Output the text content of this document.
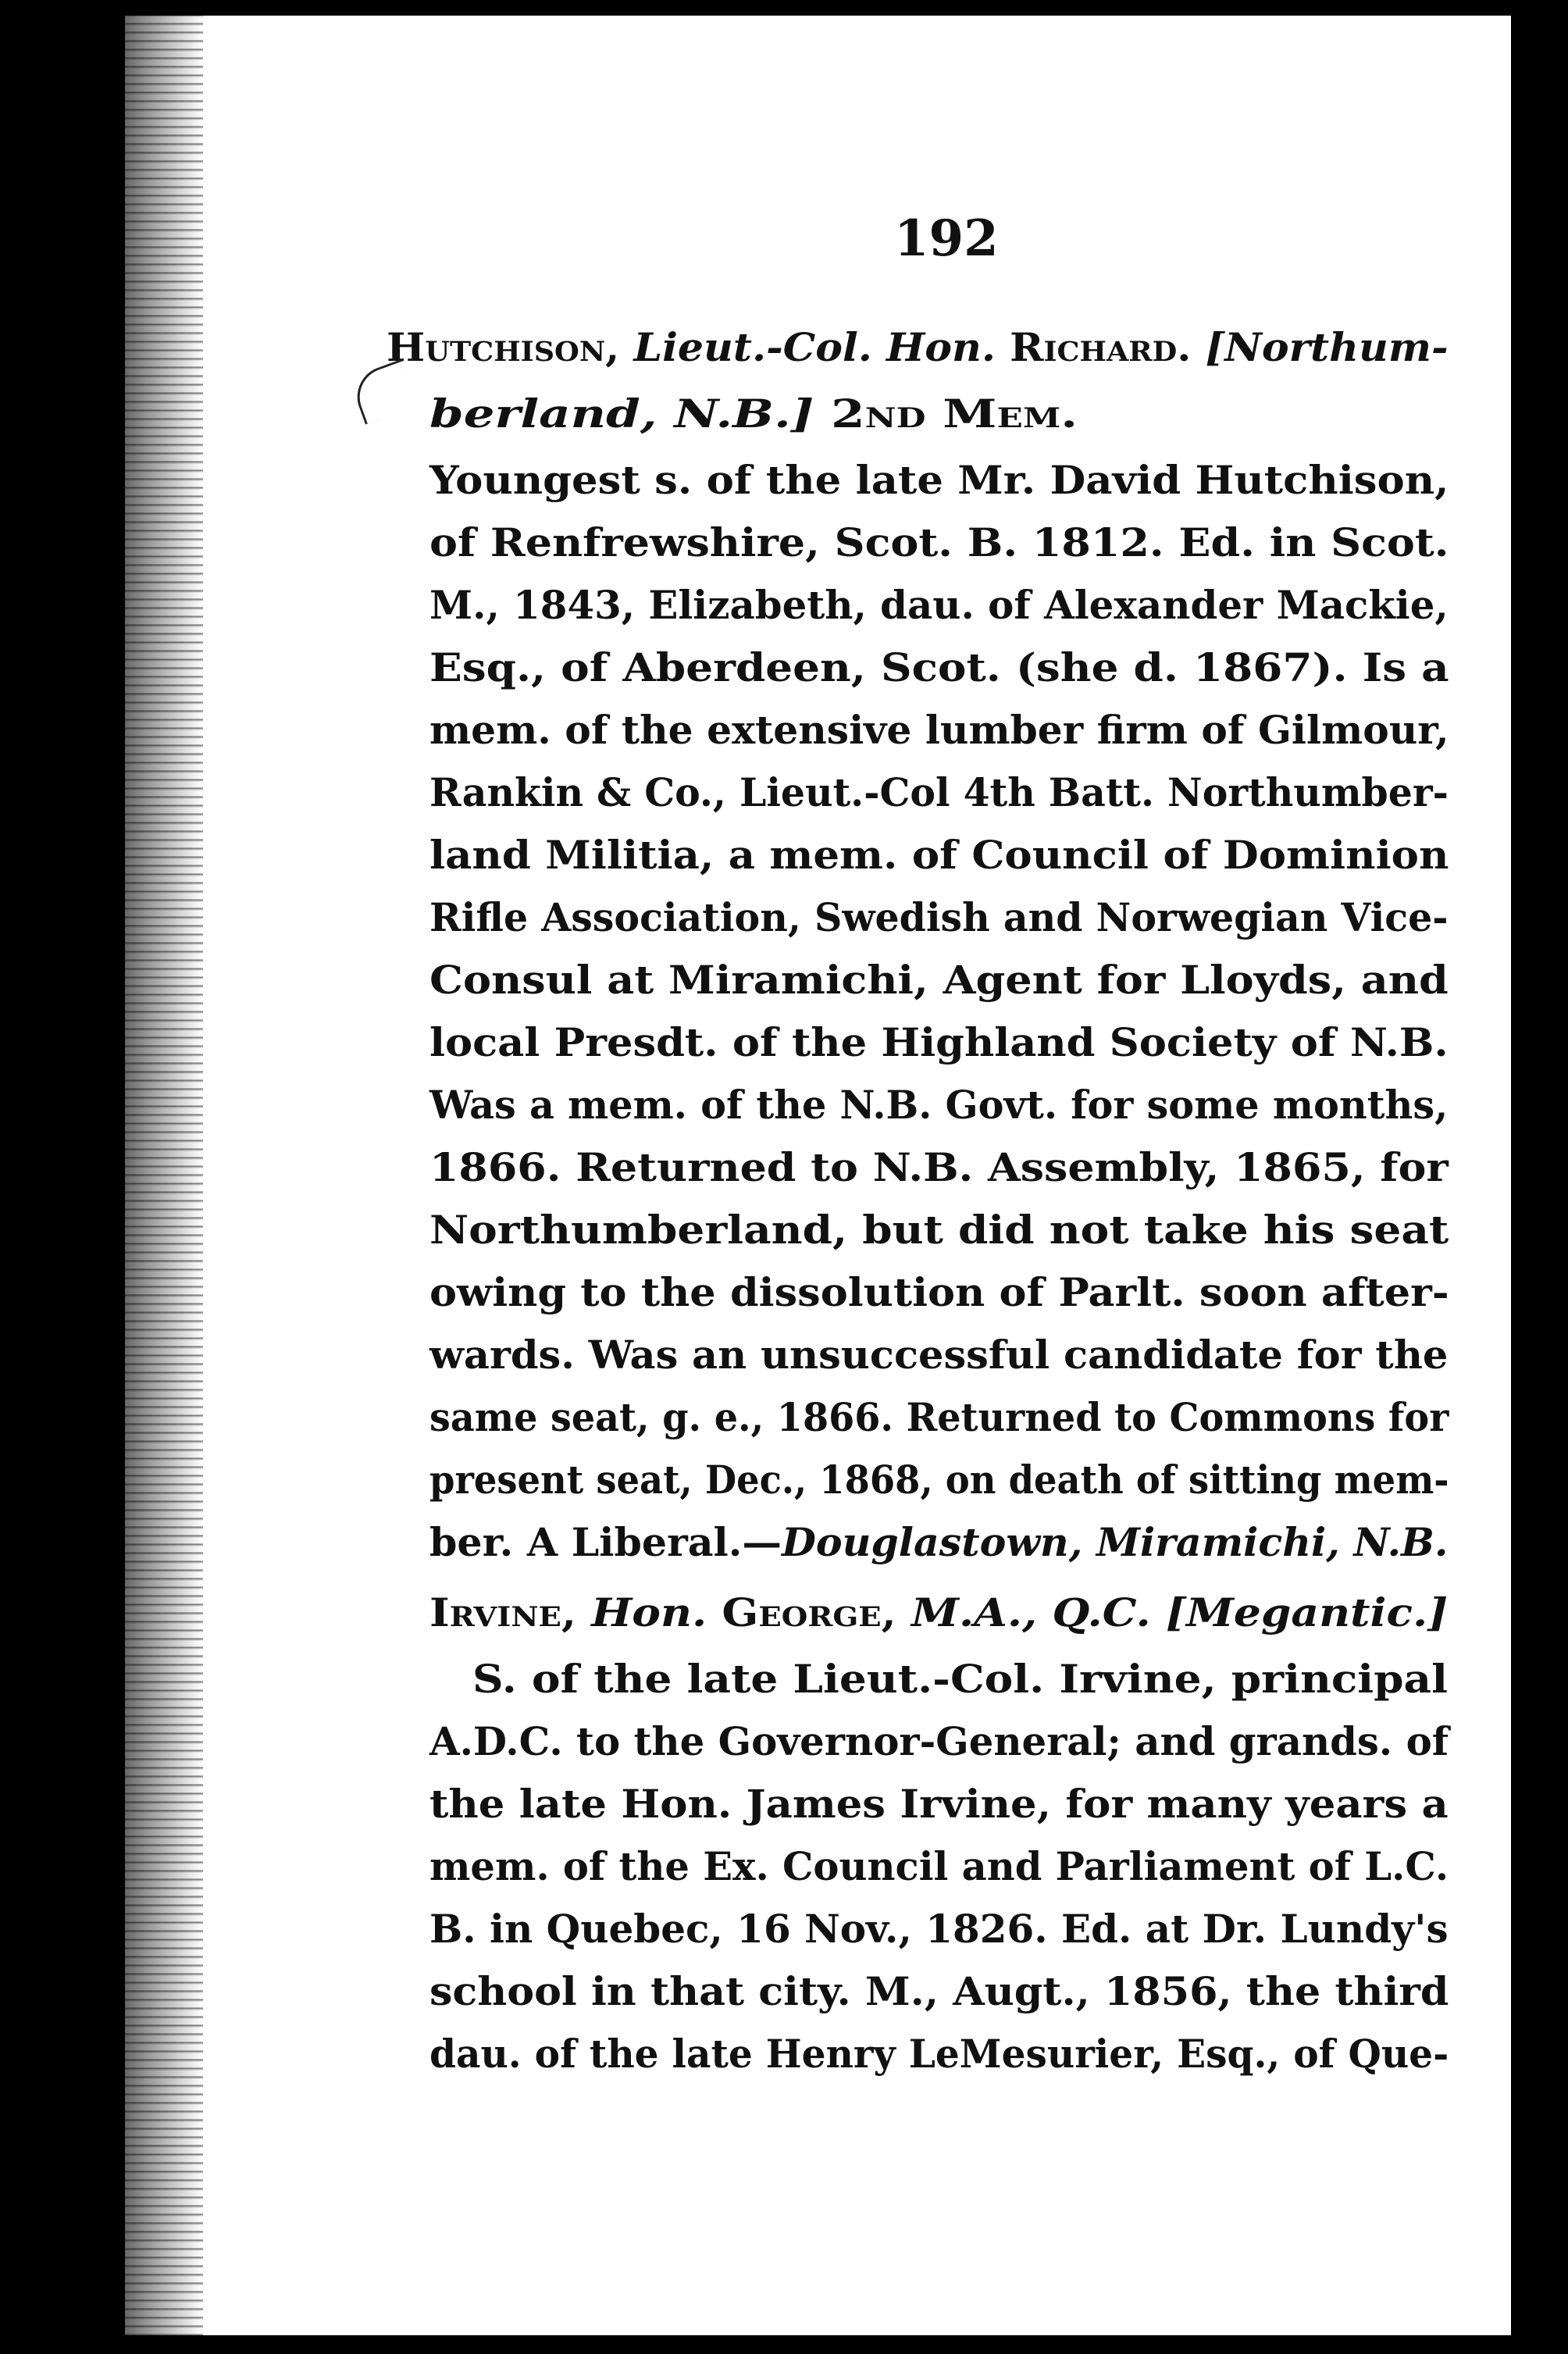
192
Hutchison, Lieut.-Col. Hon. Richard. [Northum-
berland, N.B.] 2nd Mem.
Youngest s. of the late Mr. David Hutchison,
of Renfrewshire, Scot. B. 1812. Ed. in Scot.
M., 1843, Elizabeth, dau. of Alexander Mackie,
Esq., of Aberdeen, Scot. (she d. 1867). Is a
mem. of the extensive lumber firm of Gilmour,
Rankin & Co., Lieut.-Col 4th Batt. Northumber-
land Militia, a mem. of Council of Dominion
Rifle Association, Swedish and Norwegian Vice-
Consul at Miramichi, Agent for Lloyds, and
local Presdt. of the Highland Society of N.B.
Was a mem. of the N.B. Govt. for some months,
1866. Returned to N.B. Assembly, 1865, for
Northumberland, but did not take his seat
owing to the dissolution of Parlt. soon after-
wards. Was an unsuccessful candidate for the
same seat, g. e., 1866. Returned to Commons for
present seat, Dec., 1868, on death of sitting mem-
ber. A Liberal.—Douglastown, Miramichi, N.B.
Irvine, Hon. George, M.A., Q.C. [Megantic.]
S. of the late Lieut.-Col. Irvine, principal
A.D.C. to the Governor-General; and grands. of
the late Hon. James Irvine, for many years a
mem. of the Ex. Council and Parliament of L.C.
B. in Quebec, 16 Nov., 1826. Ed. at Dr. Lundy's
school in that city. M., Augt., 1856, the third
dau. of the late Henry LeMesurier, Esq., of Que-
